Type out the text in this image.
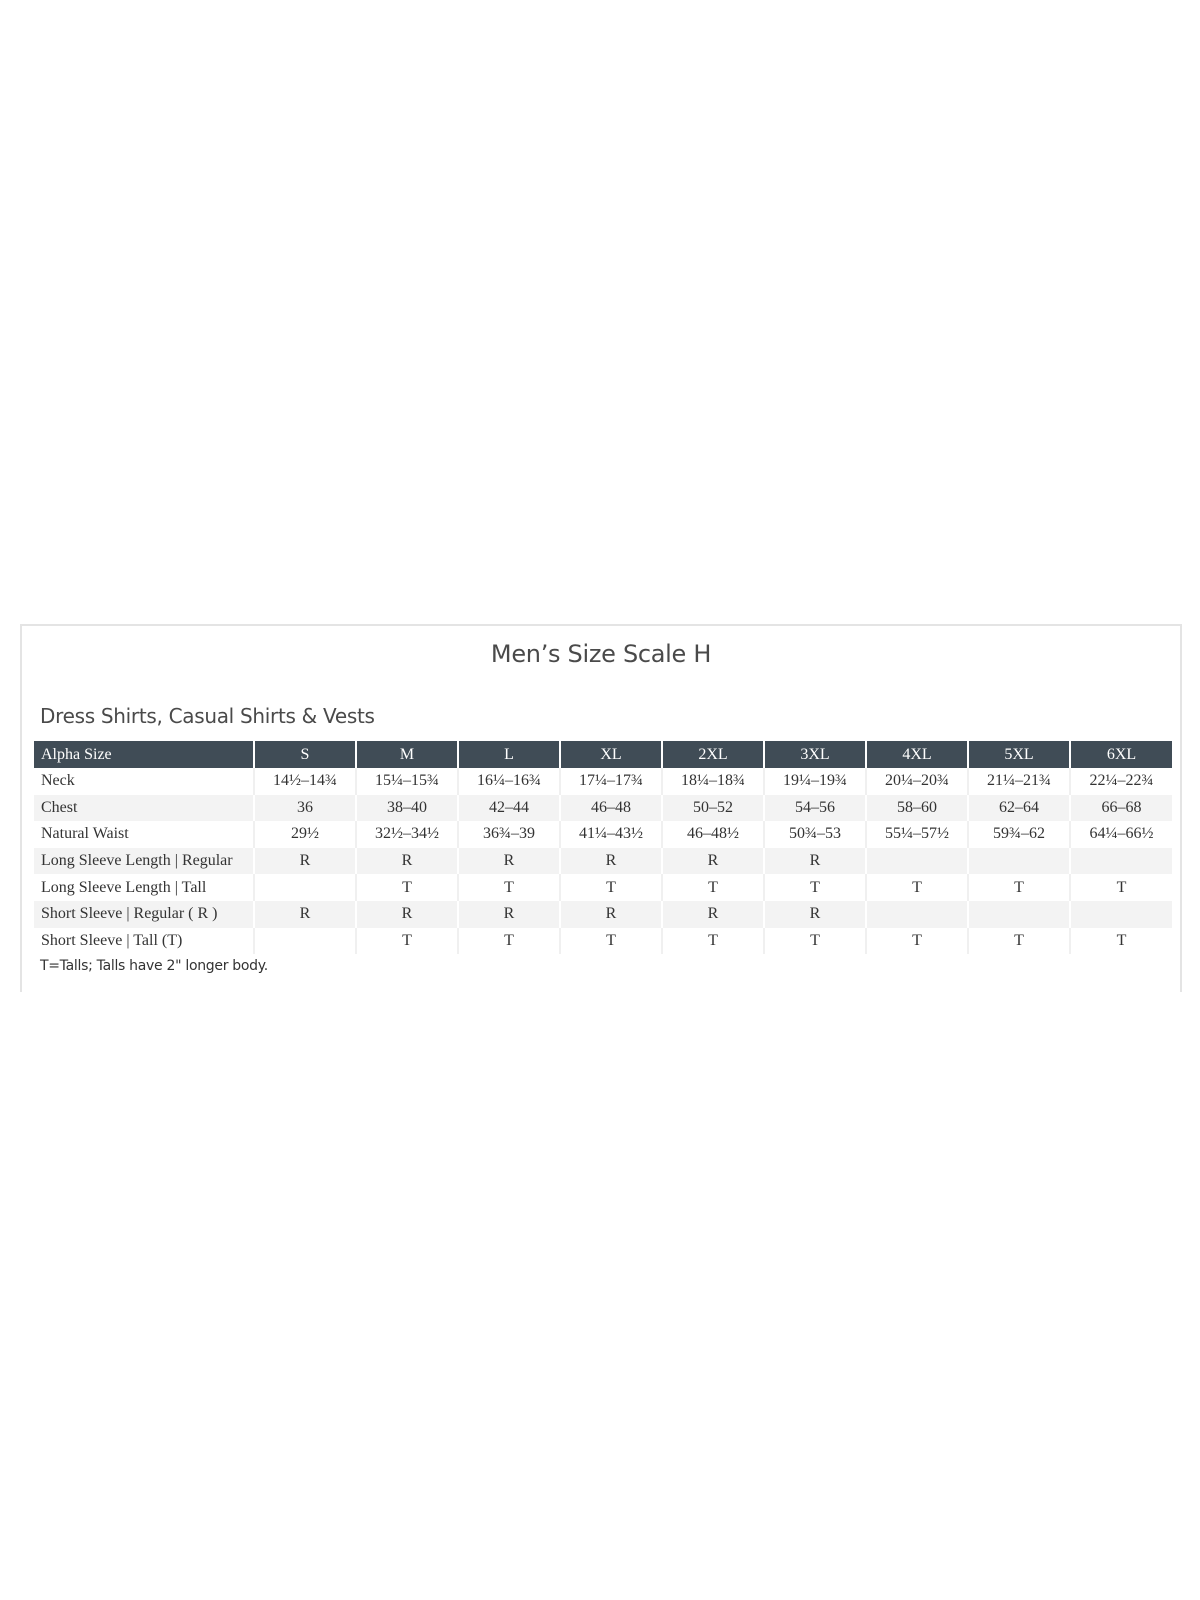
Men’s Size Scale H
Dress Shirts, Casual Shirts & Vests
Alpha Size	S	M	L	XL	2XL	3XL	4XL	5XL	6XL
Neck	14½–14¾	15¼–15¾	16¼–16¾	17¼–17¾	18¼–18¾	19¼–19¾	20¼–20¾	21¼–21¾	22¼–22¾
Chest	36	38–40	42–44	46–48	50–52	54–56	58–60	62–64	66–68
Natural Waist	29½	32½–34½	36¾–39	41¼–43½	46–48½	50¾–53	55¼–57½	59¾–62	64¼–66½
Long Sleeve Length | Regular	R	R	R	R	R	R			
Long Sleeve Length | Tall		T	T	T	T	T	T	T	T
Short Sleeve | Regular ( R )	R	R	R	R	R	R			
Short Sleeve | Tall (T)		T	T	T	T	T	T	T	T
T=Talls; Talls have 2" longer body.
